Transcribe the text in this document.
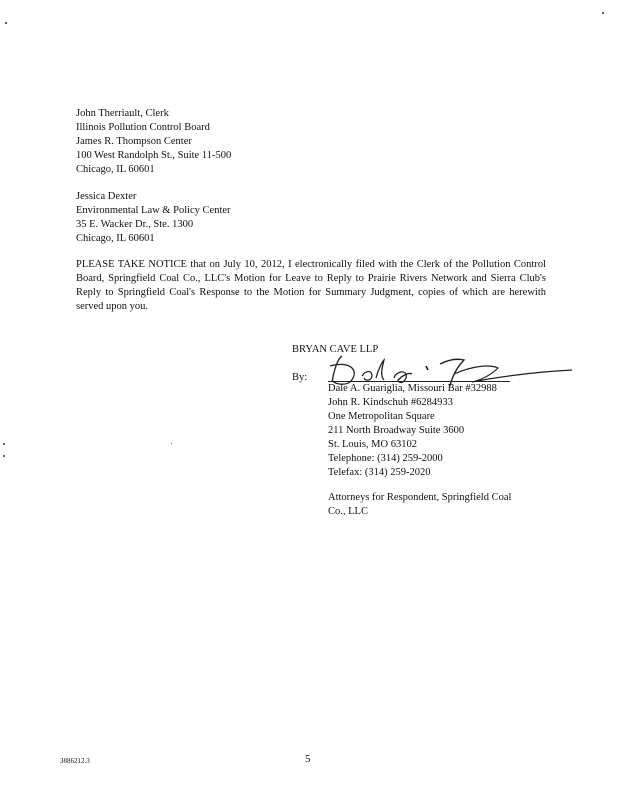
John Therriault, Clerk
Illinois Pollution Control Board
James R. Thompson Center
100 West Randolph St., Suite 11-500
Chicago, IL 60601
Jessica Dexter
Environmental Law & Policy Center
35 E. Wacker Dr., Ste. 1300
Chicago, IL 60601

PLEASE TAKE NOTICE that on July 10, 2012, I electronically filed with the Clerk of the Pollution Control Board, Springfield Coal Co., LLC's Motion for Leave to Reply to Prairie Rivers Network and Sierra Club's Reply to Springfield Coal's Response to the Motion for Summary Judgment, copies of which are herewith served upon you.

BRYAN CAVE LLP
By:
Dale A. Guariglia, Missouri Bar #32988
John R. Kindschuh #6284933
One Metropolitan Square
211 North Broadway Suite 3600
St. Louis, MO 63102
Telephone: (314) 259-2000
Telefax: (314) 259-2020
Attorneys for Respondent, Springfield Coal
Co., LLC
3886212.3	5
